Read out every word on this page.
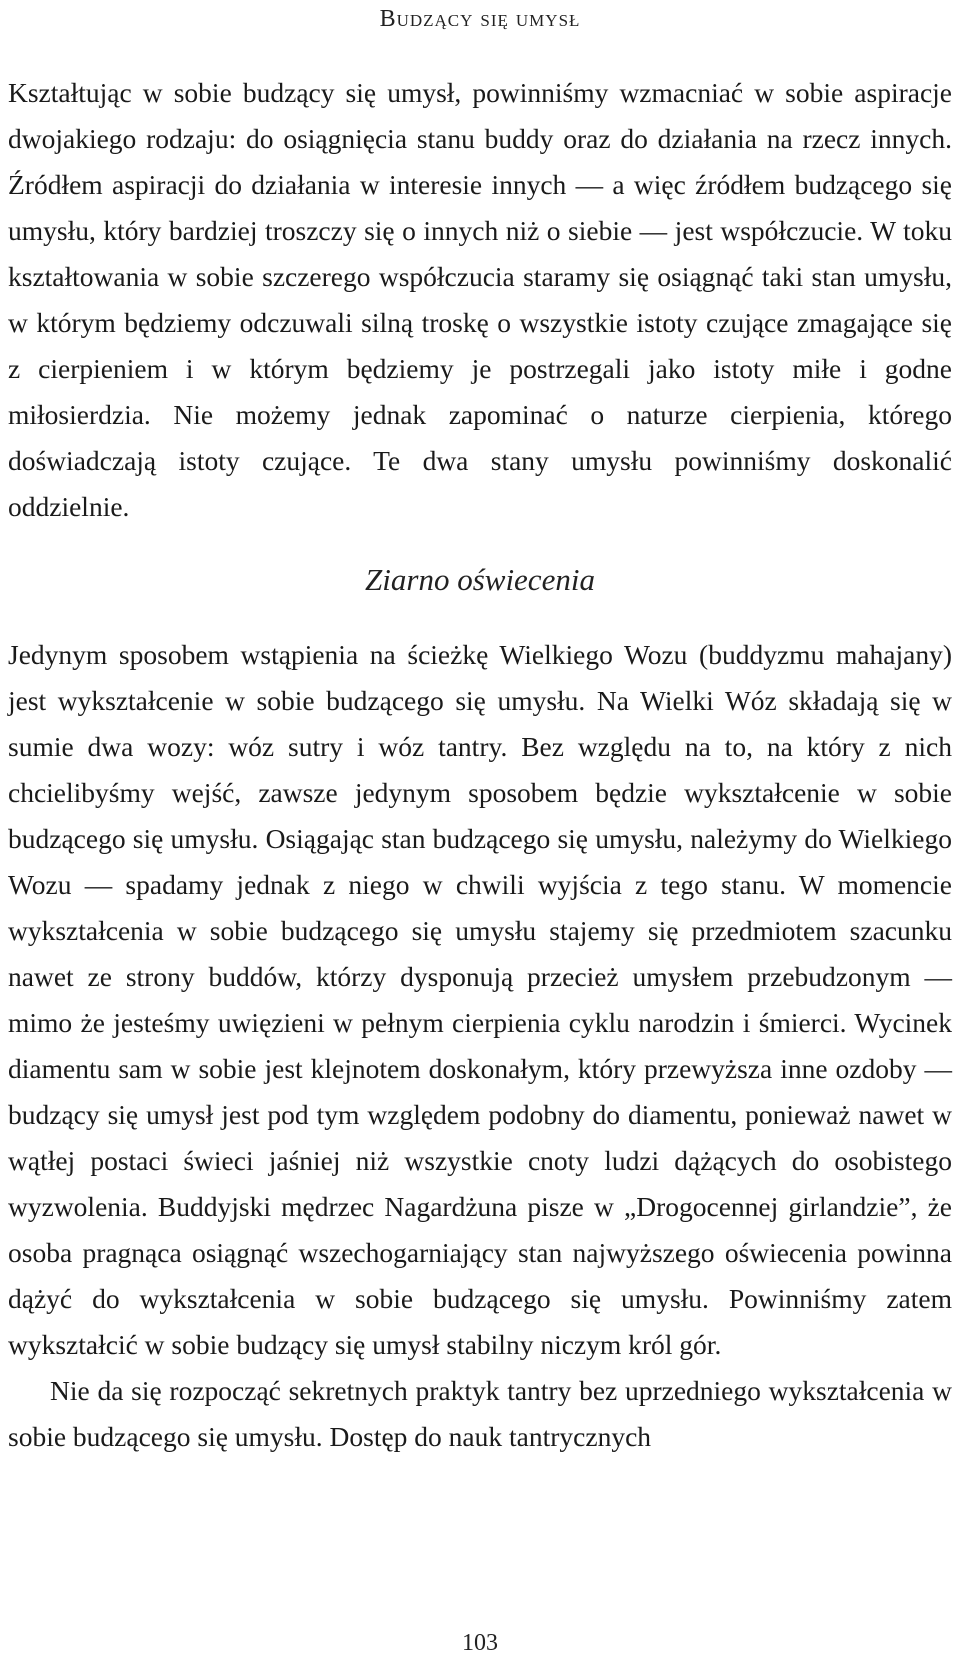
Budzący się umysł

Kształtując w sobie budzący się umysł, powinniśmy wzmacniać w sobie aspiracje dwojakiego rodzaju: do osiągnięcia stanu buddy oraz do działania na rzecz innych. Źródłem aspiracji do działania w interesie innych — a więc źródłem budzącego się umysłu, który bardziej troszczy się o innych niż o siebie — jest współczucie. W toku kształtowania w sobie szczerego współczucia staramy się osiągnąć taki stan umysłu, w którym będziemy odczuwali silną troskę o wszystkie istoty czujące zmagające się z cierpieniem i w którym będziemy je postrzegali jako istoty miłe i godne miłosierdzia. Nie możemy jednak zapominać o naturze cierpienia, którego doświadczają istoty czujące. Te dwa stany umysłu powinniśmy doskonalić oddzielnie.

Ziarno oświecenia

Jedynym sposobem wstąpienia na ścieżkę Wielkiego Wozu (buddyzmu mahajany) jest wykształcenie w sobie budzącego się umysłu. Na Wielki Wóz składają się w sumie dwa wozy: wóz sutry i wóz tantry. Bez względu na to, na który z nich chcielibyśmy wejść, zawsze jedynym sposobem będzie wykształcenie w sobie budzącego się umysłu. Osiągając stan budzącego się umysłu, należymy do Wielkiego Wozu — spadamy jednak z niego w chwili wyjścia z tego stanu. W momencie wykształcenia w sobie budzącego się umysłu stajemy się przedmiotem szacunku nawet ze strony buddów, którzy dysponują przecież umysłem przebudzonym — mimo że jesteśmy uwięzieni w pełnym cierpienia cyklu narodzin i śmierci. Wycinek diamentu sam w sobie jest klejnotem doskonałym, który przewyższa inne ozdoby — budzący się umysł jest pod tym względem podobny do diamentu, ponieważ nawet w wątłej postaci świeci jaśniej niż wszystkie cnoty ludzi dążących do osobistego wyzwolenia. Buddyjski mędrzec Nagardżuna pisze w „Drogocennej girlandzie”, że osoba pragnąca osiągnąć wszechogarniający stan najwyższego oświecenia powinna dążyć do wykształcenia w sobie budzącego się umysłu. Powinniśmy zatem wykształcić w sobie budzący się umysł stabilny niczym król gór.

Nie da się rozpocząć sekretnych praktyk tantry bez uprzedniego wykształcenia w sobie budzącego się umysłu. Dostęp do nauk tantrycznych

103
